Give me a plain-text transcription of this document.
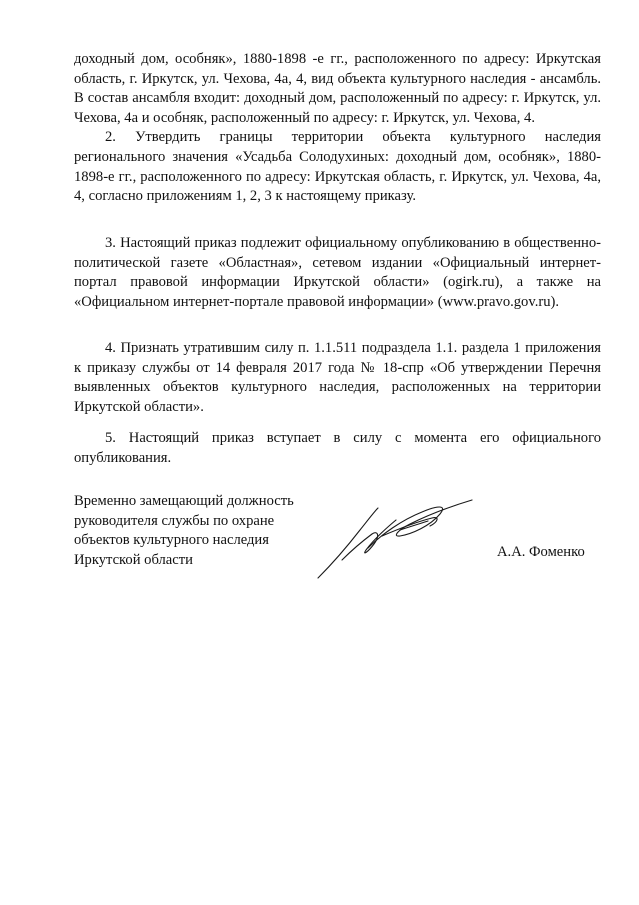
доходный дом, особняк», 1880-1898 -е гг., расположенного по адресу: Иркутская область, г. Иркутск, ул. Чехова, 4а, 4, вид объекта культурного наследия - ансамбль. В состав ансамбля входит: доходный дом, расположенный по адресу: г. Иркутск, ул. Чехова, 4а и особняк, расположенный по адресу: г. Иркутск, ул. Чехова, 4.

2. Утвердить границы территории объекта культурного наследия регионального значения «Усадьба Солодухиных: доходный дом, особняк», 1880-1898-е гг., расположенного по адресу: Иркутская область, г. Иркутск, ул. Чехова, 4а, 4, согласно приложениям 1, 2, 3 к настоящему приказу.

3. Настоящий приказ подлежит официальному опубликованию в общественно-политической газете «Областная», сетевом издании «Официальный интернет-портал правовой информации Иркутской области» (ogirk.ru), а также на «Официальном интернет-портале правовой информации» (www.pravo.gov.ru).

4. Признать утратившим силу п. 1.1.511 подраздела 1.1. раздела 1 приложения к приказу службы от 14 февраля 2017 года № 18-спр «Об утверждении Перечня выявленных объектов культурного наследия, расположенных на территории Иркутской области».

5. Настоящий приказ вступает в силу с момента его официального опубликования.

Временно замещающий должность
руководителя службы по охране
объектов культурного наследия
Иркутской области	А.А. Фоменко
